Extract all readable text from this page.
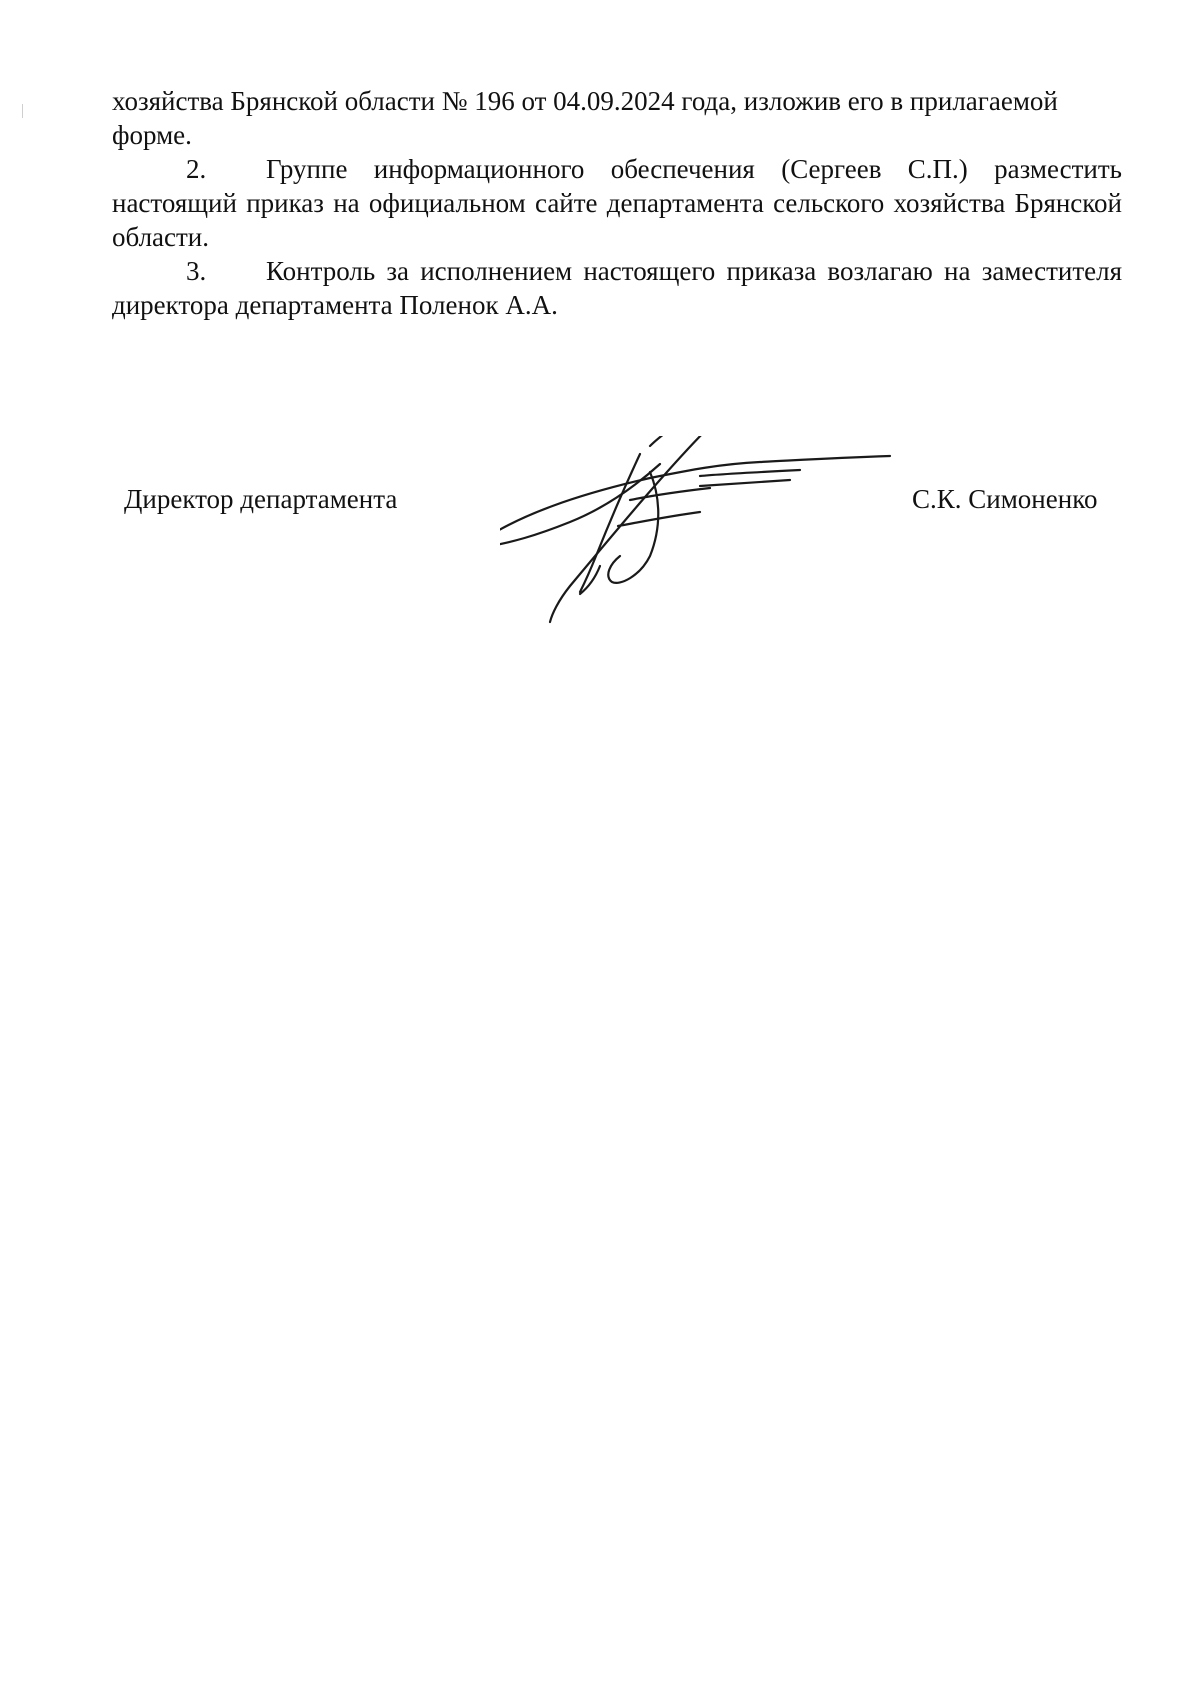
хозяйства Брянской области № 196 от 04.09.2024 года, изложив его в прилагаемой форме.

2. Группе информационного обеспечения (Сергеев С.П.) разместить настоящий приказ на официальном сайте департамента сельского хозяйства Брянской области.

3. Контроль за исполнением настоящего приказа возлагаю на заместителя директора департамента Поленок А.А.

Директор департамента	С.К. Симоненко
